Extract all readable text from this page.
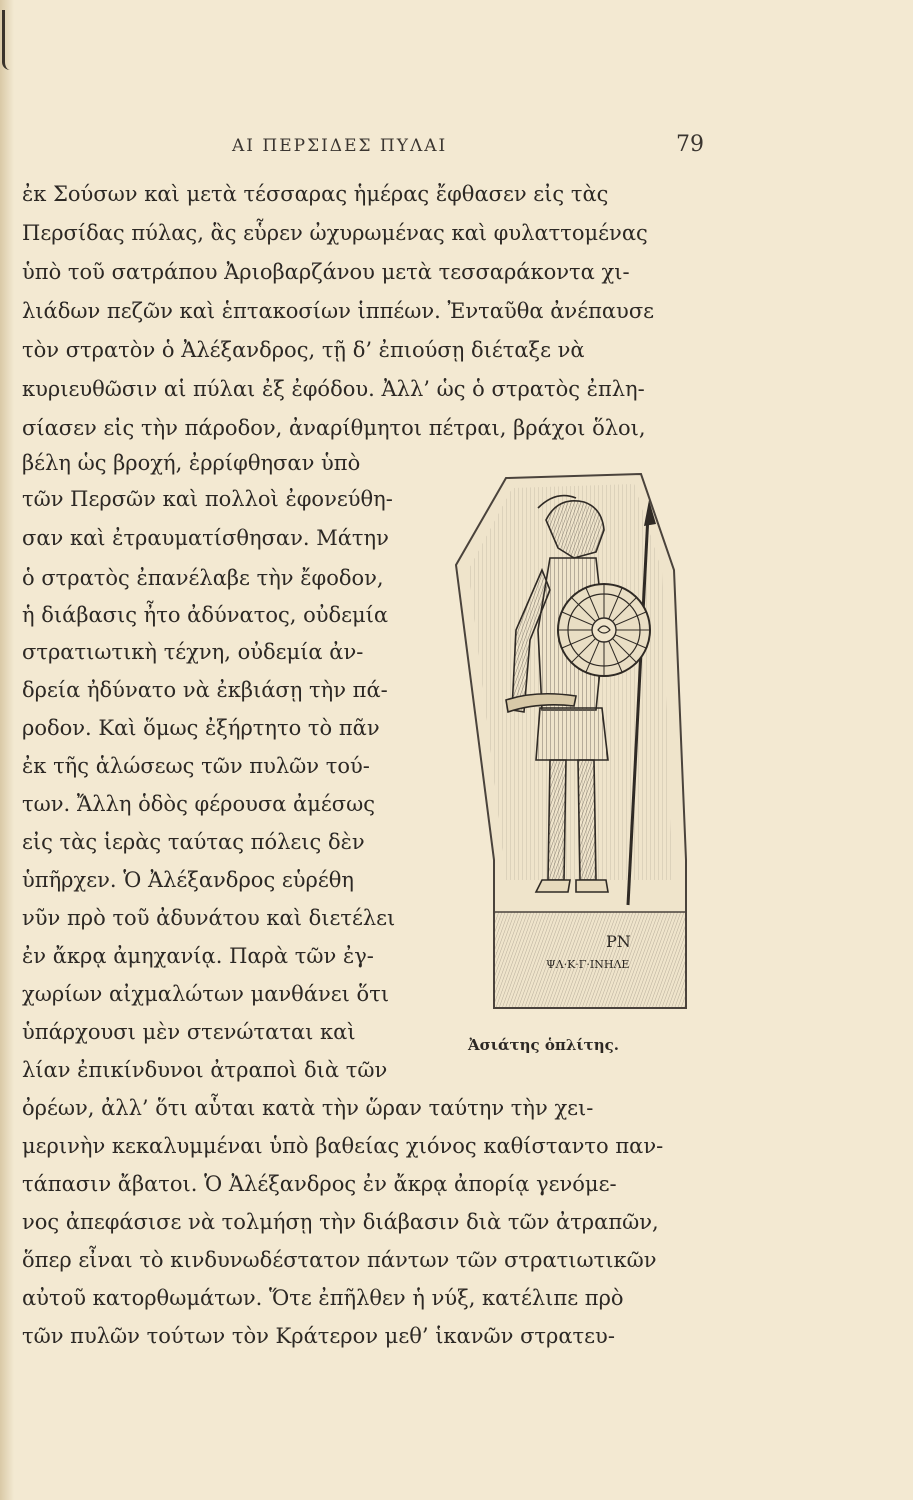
ΑΙ ΠΕΡΣΙΔΕΣ ΠΥΛΑΙ	79
ἐκ Σούσων καὶ μετὰ τέσσαρας ἡμέρας ἔφθασεν εἰς τὰς
Περσίδας πύλας, ἃς εὗρεν ὠχυρωμένας καὶ φυλαττομένας
ὑπὸ τοῦ σατράπου Ἀριοβαρζάνου μετὰ τεσσαράκοντα χι-
λιάδων πεζῶν καὶ ἑπτακοσίων ἱππέων. Ἐνταῦθα ἀνέπαυσε
τὸν στρατὸν ὁ Ἀλέξανδρος, τῇ δ’ ἐπιούσῃ διέταξε νὰ
κυριευθῶσιν αἱ πύλαι ἐξ ἐφόδου. Ἀλλ’ ὡς ὁ στρατὸς ἐπλη-
σίασεν εἰς τὴν πάροδον, ἀναρίθμητοι πέτραι, βράχοι ὅλοι,
βέλη ὡς βροχή, ἐρρίφθησαν ὑπὸ
τῶν Περσῶν καὶ πολλοὶ ἐφονεύθη-
σαν καὶ ἐτραυματίσθησαν. Μάτην
ὁ στρατὸς ἐπανέλαβε τὴν ἔφοδον,
ἡ διάβασις ἦτο ἀδύνατος, οὐδεμία
στρατιωτικὴ τέχνη, οὐδεμία ἀν-
δρεία ἠδύνατο νὰ ἐκβιάσῃ τὴν πά-
ροδον. Καὶ ὅμως ἐξήρτητο τὸ πᾶν
ἐκ τῆς ἁλώσεως τῶν πυλῶν τού-
των. Ἄλλη ὁδὸς φέρουσα ἀμέσως
εἰς τὰς ἱερὰς ταύτας πόλεις δὲν
ὑπῆρχεν. Ὁ Ἀλέξανδρος εὑρέθη
νῦν πρὸ τοῦ ἀδυνάτου καὶ διετέλει
ἐν ἄκρᾳ ἀμηχανίᾳ. Παρὰ τῶν ἐγ-
χωρίων αἰχμαλώτων μανθάνει ὅτι
ὑπάρχουσι μὲν στενώταται καὶ
λίαν ἐπικίνδυνοι ἀτραποὶ διὰ τῶν
ὀρέων, ἀλλ’ ὅτι αὗται κατὰ τὴν ὥραν ταύτην τὴν χει-
μερινὴν κεκαλυμμέναι ὑπὸ βαθείας χιόνος καθίσταντο παν-
τάπασιν ἄβατοι. Ὁ Ἀλέξανδρος ἐν ἄκρᾳ ἀπορίᾳ γενόμε-
νος ἀπεφάσισε νὰ τολμήσῃ τὴν διάβασιν διὰ τῶν ἀτραπῶν,
ὅπερ εἶναι τὸ κινδυνωδέστατον πάντων τῶν στρατιωτικῶν
αὐτοῦ κατορθωμάτων. Ὅτε ἐπῆλθεν ἡ νύξ, κατέλιπε πρὸ
τῶν πυλῶν τούτων τὸν Κράτερον μεθ’ ἱκανῶν στρατευ-
ΡΝ
ΨΛ·Κ·Γ·ΙΝΗΛΕ
Ἀσιάτης ὁπλίτης.
